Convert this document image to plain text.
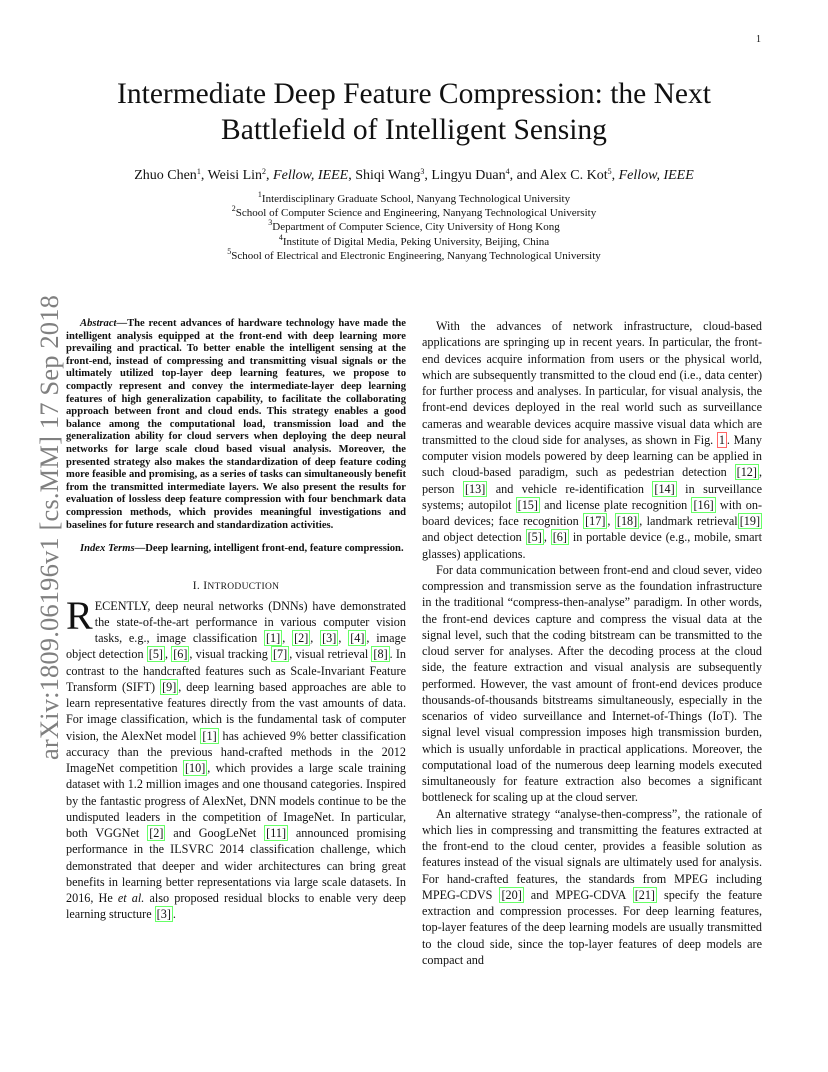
1
arXiv:1809.06196v1 [cs.MM] 17 Sep 2018
Intermediate Deep Feature Compression: the Next
Battlefield of Intelligent Sensing
Zhuo Chen$^1$, Weisi Lin$^2$, Fellow, IEEE, Shiqi Wang$^3$, Lingyu Duan$^4$, and Alex C. Kot$^5$, Fellow, IEEE
$^1$Interdisciplinary Graduate School, Nanyang Technological University
$^2$School of Computer Science and Engineering, Nanyang Technological University
$^3$Department of Computer Science, City University of Hong Kong
$^4$Institute of Digital Media, Peking University, Beijing, China
$^5$School of Electrical and Electronic Engineering, Nanyang Technological University

Abstract—The recent advances of hardware technology have made the intelligent analysis equipped at the front-end with deep learning more prevailing and practical. To better enable the intelligent sensing at the front-end, instead of compressing and transmitting visual signals or the ultimately utilized top-layer deep learning features, we propose to compactly represent and convey the intermediate-layer deep learning features of high generalization capability, to facilitate the collaborating approach between front and cloud ends. This strategy enables a good balance among the computational load, transmission load and the generalization ability for cloud servers when deploying the deep neural networks for large scale cloud based visual analysis. Moreover, the presented strategy also makes the standardization of deep feature coding more feasible and promising, as a series of tasks can simultaneously benefit from the transmitted intermediate layers. We also present the results for evaluation of lossless deep feature compression with four benchmark data compression methods, which provides meaningful investigations and baselines for future research and standardization activities.

Index Terms—Deep learning, intelligent front-end, feature compression.

I. INTRODUCTION

RECENTLY, deep neural networks (DNNs) have demonstrated the state-of-the-art performance in various computer vision tasks, e.g., image classification [1] , [2] , [3] , [4] , image object detection [5] , [6] , visual tracking [7] , visual retrieval [8] . In contrast to the handcrafted features such as Scale-Invariant Feature Transform (SIFT) [9] , deep learning based approaches are able to learn representative features directly from the vast amounts of data. For image classification, which is the fundamental task of computer vision, the AlexNet model [1] has achieved 9% better classification accuracy than the previous hand-crafted methods in the 2012 ImageNet competition [10] , which provides a large scale training dataset with 1.2 million images and one thousand categories. Inspired by the fantastic progress of AlexNet, DNN models continue to be the undisputed leaders in the competition of ImageNet. In particular, both VGGNet [2] and GoogLeNet [11] announced promising performance in the ILSVRC 2014 classification challenge, which demonstrated that deeper and wider architectures can bring great benefits in learning better representations via large scale datasets. In 2016, He et al. also proposed residual blocks to enable very deep learning structure [3] .

With the advances of network infrastructure, cloud-based applications are springing up in recent years. In particular, the front-end devices acquire information from users or the physical world, which are subsequently transmitted to the cloud end (i.e., data center) for further process and analyses. In particular, for visual analysis, the front-end devices deployed in the real world such as surveillance cameras and wearable devices acquire massive visual data which are transmitted to the cloud side for analyses, as shown in Fig. 1 . Many computer vision models powered by deep learning can be applied in such cloud-based paradigm, such as pedestrian detection [12] , person [13] and vehicle re-identification [14] in surveillance systems; autopilot [15] and license plate recognition [16] with on-board devices; face recognition [17] , [18] , landmark retrieval [19] and object detection [5] , [6] in portable device (e.g., mobile, smart glasses) applications.

For data communication between front-end and cloud sever, video compression and transmission serve as the foundation infrastructure in the traditional “compress-then-analyse” paradigm. In other words, the front-end devices capture and compress the visual data at the signal level, such that the coding bitstream can be transmitted to the cloud server for analyses. After the decoding process at the cloud side, the feature extraction and visual analysis are subsequently performed. However, the vast amount of front-end devices produce thousands-of-thousands bitstreams simultaneously, especially in the scenarios of video surveillance and Internet-of-Things (IoT). The signal level visual compression imposes high transmission burden, which is usually unfordable in practical applications. Moreover, the computational load of the numerous deep learning models executed simultaneously for feature extraction also becomes a significant bottleneck for scaling up at the cloud server.

An alternative strategy “analyse-then-compress”, the rationale of which lies in compressing and transmitting the features extracted at the front-end to the cloud center, provides a feasible solution as features instead of the visual signals are ultimately used for analysis. For hand-crafted features, the standards from MPEG including MPEG-CDVS [20] and MPEG-CDVA [21] specify the feature extraction and compression processes. For deep learning features, top-layer features of the deep learning models are usually transmitted to the cloud side, since the top-layer features of deep models are compact and
